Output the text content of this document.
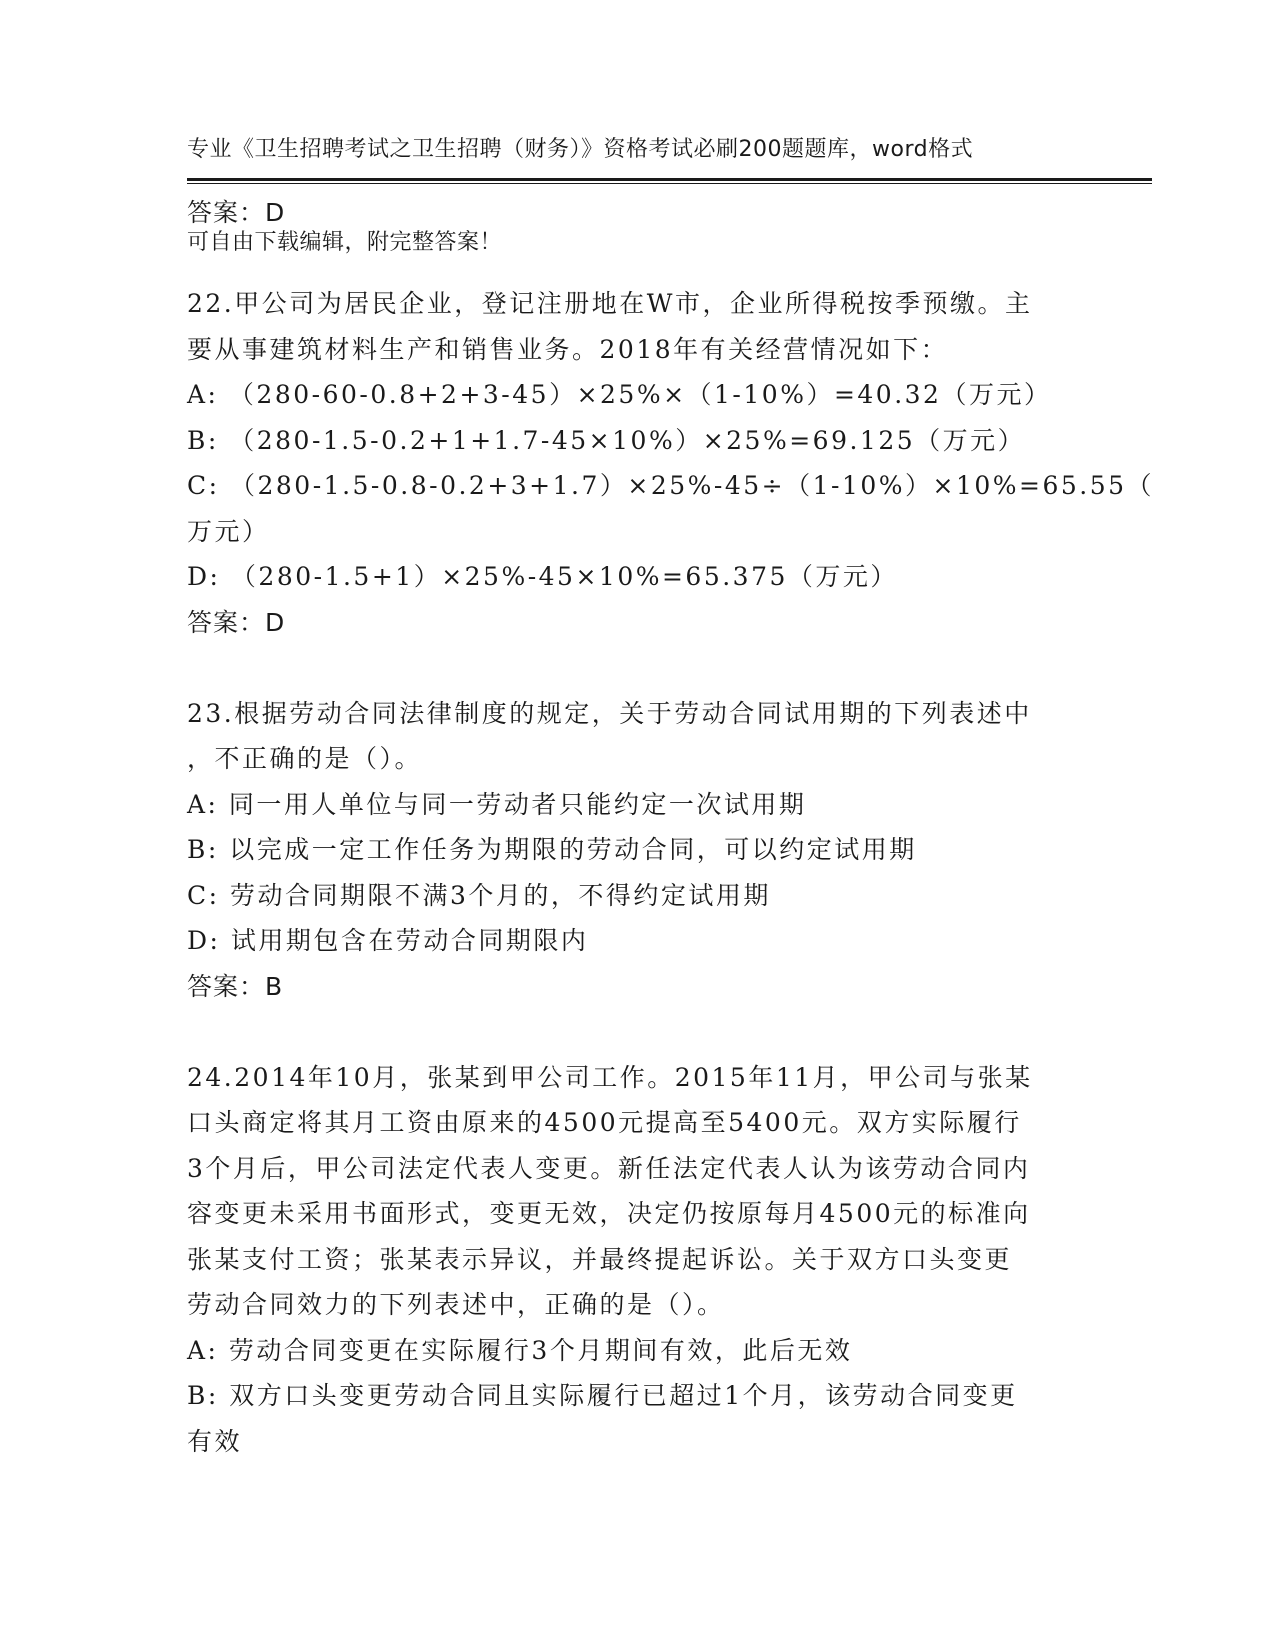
专业《卫生招聘考试之卫生招聘（财务）》资格考试必刷200题题库，word格式

可自由下载编辑，附完整答案！

答案：D
22.甲公司为居民企业，登记注册地在W市，企业所得税按季预缴。主
要从事建筑材料生产和销售业务。2018年有关经营情况如下：
A: （280-60-0.8+2+3-45）×25%×（1-10%）=40.32（万元）
B: （280-1.5-0.2+1+1.7-45×10%）×25%=69.125（万元）
C: （280-1.5-0.8-0.2+3+1.7）×25%-45÷（1-10%）×10%=65.55（
万元）
D: （280-1.5+1）×25%-45×10%=65.375（万元）
答案：D
23.根据劳动合同法律制度的规定，关于劳动合同试用期的下列表述中
，不正确的是（）。
A: 同一用人单位与同一劳动者只能约定一次试用期
B: 以完成一定工作任务为期限的劳动合同，可以约定试用期
C: 劳动合同期限不满3个月的，不得约定试用期
D: 试用期包含在劳动合同期限内
答案：B
24.2014年10月，张某到甲公司工作。2015年11月，甲公司与张某
口头商定将其月工资由原来的4500元提高至5400元。双方实际履行
3个月后，甲公司法定代表人变更。新任法定代表人认为该劳动合同内
容变更未采用书面形式，变更无效，决定仍按原每月4500元的标准向
张某支付工资；张某表示异议，并最终提起诉讼。关于双方口头变更
劳动合同效力的下列表述中，正确的是（）。
A: 劳动合同变更在实际履行3个月期间有效，此后无效
B: 双方口头变更劳动合同且实际履行已超过1个月，该劳动合同变更
有效
